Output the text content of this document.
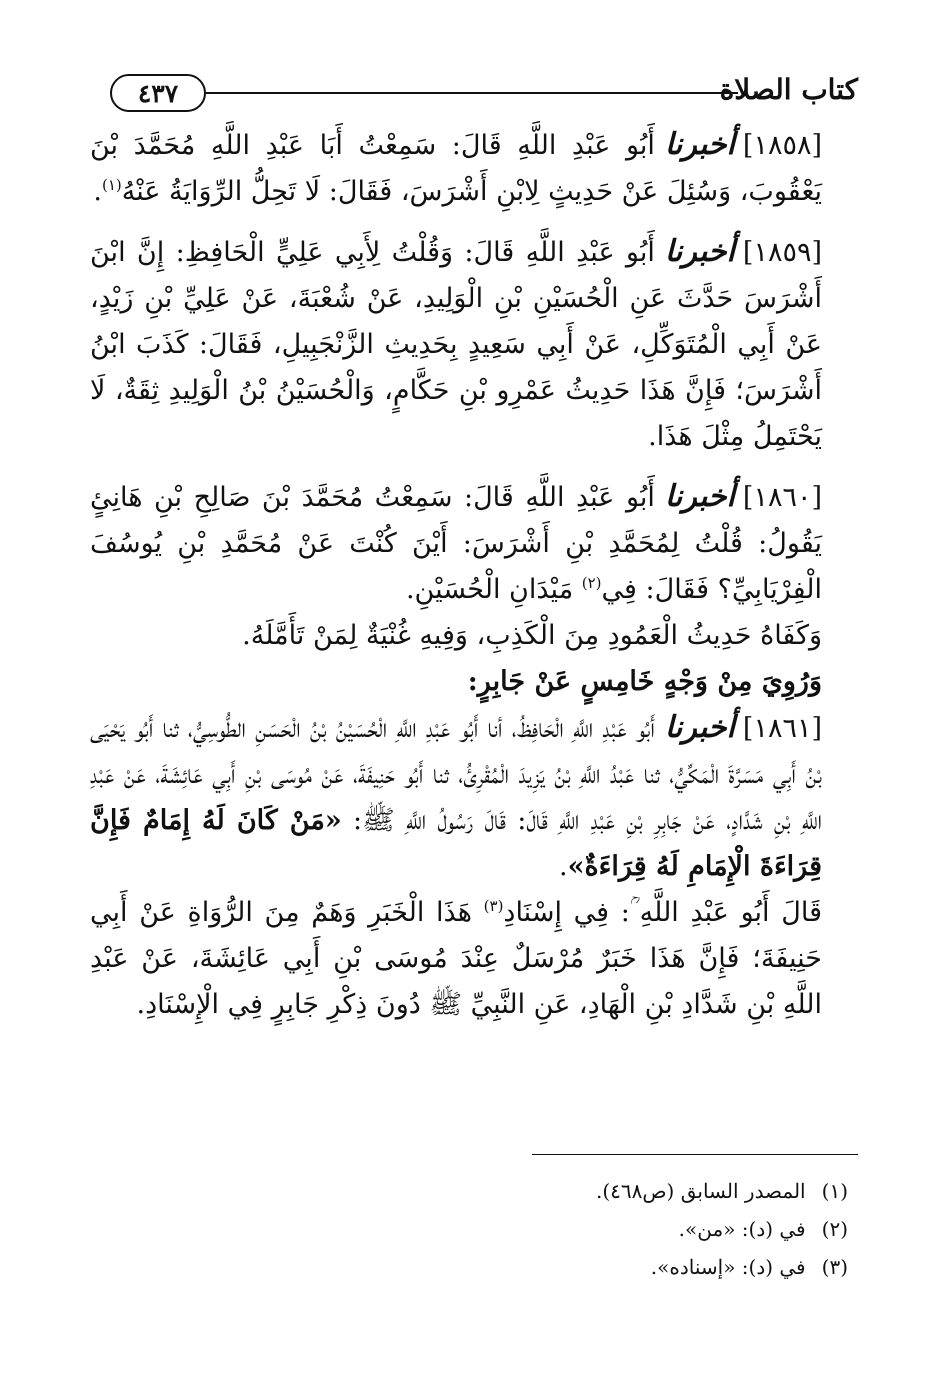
٤٣٧	كتاب الصلاة

[١٨٥٨]أخبرناأَبُو عَبْدِ اللَّهِ قَالَ: سَمِعْتُ أَبَا عَبْدِ اللَّهِ مُحَمَّدَ بْنَ يَعْقُوبَ، وَسُئِلَ عَنْ حَدِيثٍ لِابْنِ أَشْرَسَ، فَقَالَ: لَا تَحِلُّ الرِّوَايَةُ عَنْهُ$^{(١)}$.

[١٨٥٩]أخبرناأَبُو عَبْدِ اللَّهِ قَالَ: وَقُلْتُ لِأَبِي عَلِيٍّ الْحَافِظِ: إِنَّ ابْنَ أَشْرَسَ حَدَّثَ عَنِ الْحُسَيْنِ بْنِ الْوَلِيدِ، عَنْ شُعْبَةَ، عَنْ عَلِيِّ بْنِ زَيْدٍ، عَنْ أَبِي الْمُتَوَكِّلِ، عَنْ أَبِي سَعِيدٍ بِحَدِيثِ الزَّنْجَبِيلِ، فَقَالَ: كَذَبَ ابْنُ أَشْرَسَ؛ فَإِنَّ هَذَا حَدِيثُ عَمْرِو بْنِ حَكَّامٍ، وَالْحُسَيْنُ بْنُ الْوَلِيدِ ثِقَةٌ، لَا يَحْتَمِلُ مِثْلَ هَذَا.

[١٨٦٠]أخبرناأَبُو عَبْدِ اللَّهِ قَالَ: سَمِعْتُ مُحَمَّدَ بْنَ صَالِحِ بْنِ هَانِئٍ يَقُولُ: قُلْتُ لِمُحَمَّدِ بْنِ أَشْرَسَ: أَيْنَ كُنْتَ عَنْ مُحَمَّدِ بْنِ يُوسُفَ الْفِرْيَابِيِّ؟ فَقَالَ: فِي$^{(٢)}$ مَيْدَانِ الْحُسَيْنِ.

وَكَفَاهُ حَدِيثُ الْعَمُودِ مِنَ الْكَذِبِ، وَفِيهِ غُنْيَةٌ لِمَنْ تَأَمَّلَهُ.

وَرُوِيَ مِنْ وَجْهٍ خَامِسٍ عَنْ جَابِرٍ:

[١٨٦١]أخبرناأَبُو عَبْدِ اللَّهِ الْحَافِظُ، أنا أَبُو عَبْدِ اللَّهِ الْحُسَيْنُ بْنُ الْحَسَنِ الطُّوسِيُّ، ثنا أَبُو يَحْيَى بْنُ أَبِي مَسَرَّةَ الْمَكِّيُّ، ثنا عَبْدُ اللَّهِ بْنُ يَزِيدَ الْمُقْرِئُ، ثنا أَبُو حَنِيفَةَ، عَنْ مُوسَى بْنِ أَبِي عَائِشَةَ، عَنْ عَبْدِ اللَّهِ بْنِ شَدَّادٍ، عَنْ جَابِرِ بْنِ عَبْدِ اللَّهِ قَالَ: قَالَ رَسُولُ اللَّهِ ﷺ: «مَنْ كَانَ لَهُ إِمَامٌ فَإِنَّ قِرَاءَةَ الْإِمَامِ لَهُ قِرَاءَةٌ».

قَالَ أَبُو عَبْدِ اللَّهِ ؒ: فِي إِسْنَادِ$^{(٣)}$ هَذَا الْخَبَرِ وَهَمٌ مِنَ الرُّوَاةِ عَنْ أَبِي حَنِيفَةَ؛ فَإِنَّ هَذَا خَبَرٌ مُرْسَلٌ عِنْدَ مُوسَى بْنِ أَبِي عَائِشَةَ، عَنْ عَبْدِ اللَّهِ بْنِ شَدَّادِ بْنِ الْهَادِ، عَنِ النَّبِيِّ ﷺ دُونَ ذِكْرِ جَابِرٍ فِي الْإِسْنَادِ.

(١)المصدر السابق (ص٤٦٨).
(٢)في (د): «من».
(٣)في (د): «إسناده».
